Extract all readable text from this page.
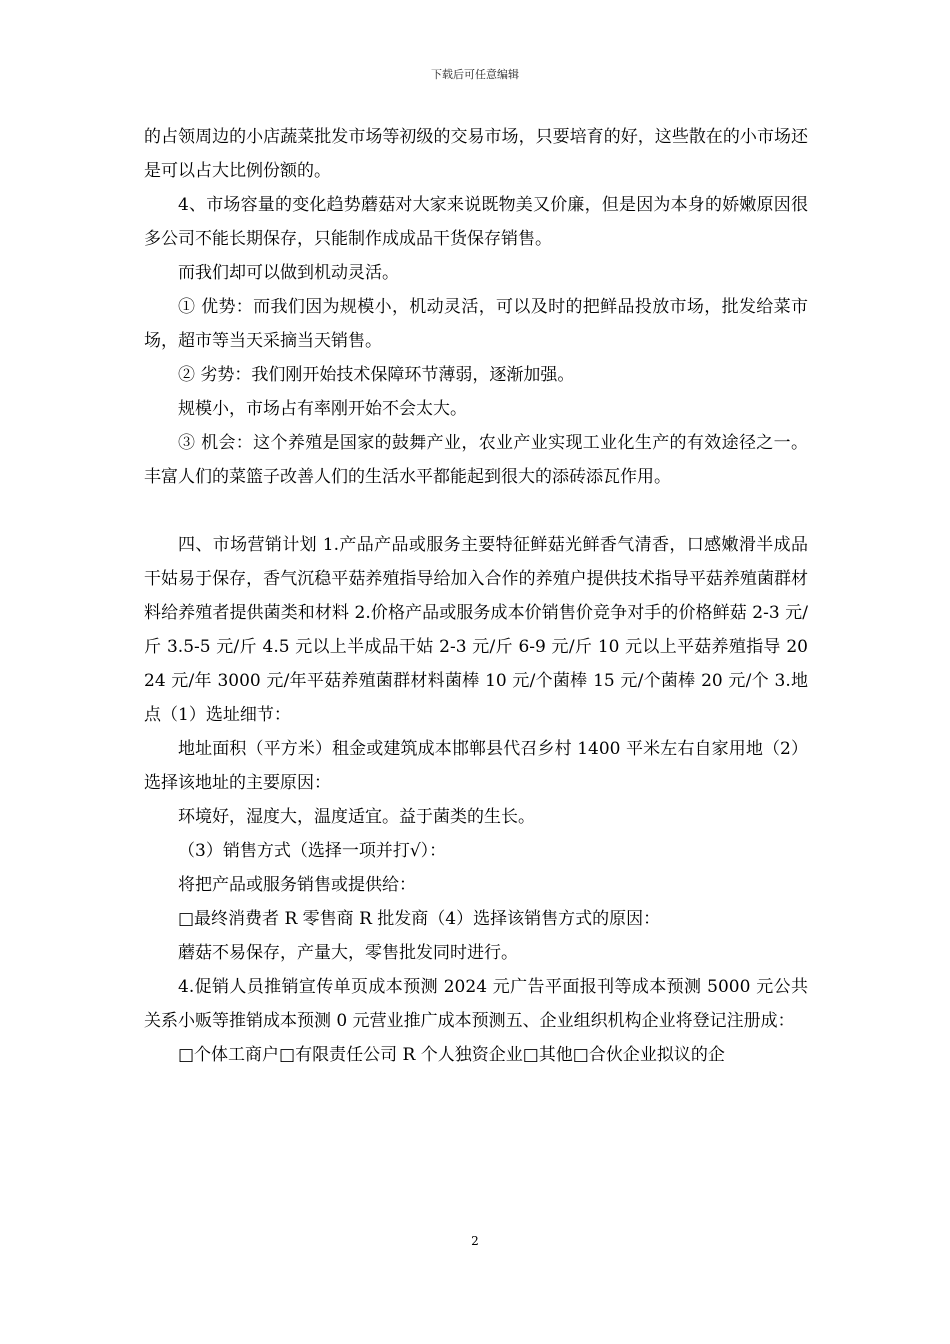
下载后可任意编辑

的占领周边的小店蔬菜批发市场等初级的交易市场，只要培育的好，这些散在的小市场还是可以占大比例份额的。

4、市场容量的变化趋势蘑菇对大家来说既物美又价廉，但是因为本身的娇嫩原因很多公司不能长期保存，只能制作成成品干货保存销售。

而我们却可以做到机动灵活。

① 优势：而我们因为规模小，机动灵活，可以及时的把鲜品投放市场，批发给菜市场，超市等当天采摘当天销售。

② 劣势：我们刚开始技术保障环节薄弱，逐渐加强。

规模小，市场占有率刚开始不会太大。

③ 机会：这个养殖是国家的鼓舞产业，农业产业实现工业化生产的有效途径之一。丰富人们的菜篮子改善人们的生活水平都能起到很大的添砖添瓦作用。

四、市场营销计划 1.产品产品或服务主要特征鲜菇光鲜香气清香，口感嫩滑半成品干姑易于保存，香气沉稳平菇养殖指导给加入合作的养殖户提供技术指导平菇养殖菌群材料给养殖者提供菌类和材料 2.价格产品或服务成本价销售价竞争对手的价格鲜菇 2-3 元/斤 3.5-5 元/斤 4.5 元以上半成品干姑 2-3 元/斤 6-9 元/斤 10 元以上平菇养殖指导 2024 元/年 3000 元/年平菇养殖菌群材料菌棒 10 元/个菌棒 15 元/个菌棒 20 元/个 3.地点（1）选址细节：

地址面积（平方米）租金或建筑成本邯郸县代召乡村 1400 平米左右自家用地（2）选择该地址的主要原因：

环境好，湿度大，温度适宜。益于菌类的生长。

（3）销售方式（选择一项并打√）：

将把产品或服务销售或提供给：

□最终消费者 R 零售商 R 批发商（4）选择该销售方式的原因：

蘑菇不易保存，产量大，零售批发同时进行。

4.促销人员推销宣传单页成本预测 2024 元广告平面报刊等成本预测 5000 元公共关系小贩等推销成本预测 0 元营业推广成本预测五、企业组织机构企业将登记注册成：

□个体工商户□有限责任公司 R 个人独资企业□其他□合伙企业拟议的企

2
